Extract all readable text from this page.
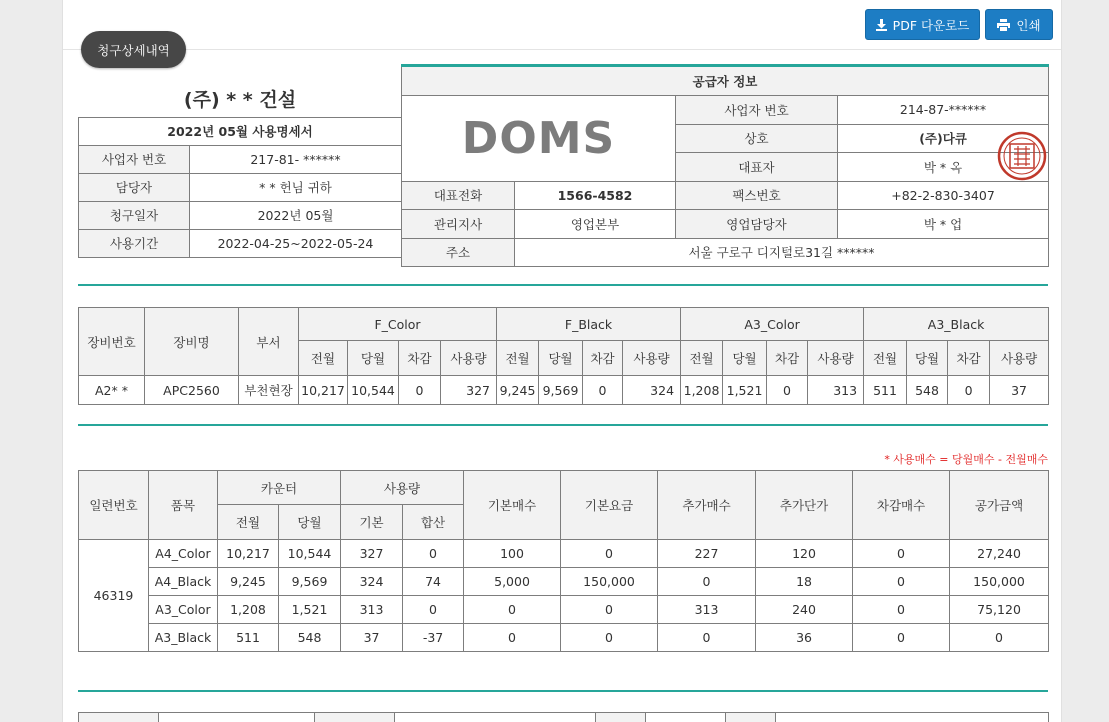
청구상세내역
PDF 다운로드	인쇄
(주) * * 건설	
2022년 05월 사용명세서	
사업자 번호	217-81- ******
담당자	* * 헌님 귀하
청구일자	2022년 05월
사용기간	2022-04-25~2022-05-24
공급자 정보			
DOMS		사업자 번호	214-87-******
		상호	(주)다큐
		대표자	박 * 옥
대표전화	1566-4582	팩스번호	+82-2-830-3407
관리지사	영업본부	영업담당자	박 * 업
주소	서울 구로구 디지털로31길 ******		
장비번호	장비명	부서	F_Color				F_Black				A3_Color				A3_Black			
			전월	당월	차감	사용량	전월	당월	차감	사용량	전월	당월	차감	사용량	전월	당월	차감	사용량
A2* *	APC2560	부천현장	10,217	10,544	0	327	9,245	9,569	0	324	1,208	1,521	0	313	511	548	0	37
* 사용매수 = 당월매수 - 전월매수
일련번호	품목	카운터		사용량		기본매수	기본요금	추가매수	추가단가	차감매수	공가금액
		전월	당월	기본	합산						
46319	A4_Color	10,217	10,544	327	0	100	0	227	120	0	27,240
	A4_Black	9,245	9,569	324	74	5,000	150,000	0	18	0	150,000
	A3_Color	1,208	1,521	313	0	0	0	313	240	0	75,120
	A3_Black	511	548	37	-37	0	0	0	36	0	0
